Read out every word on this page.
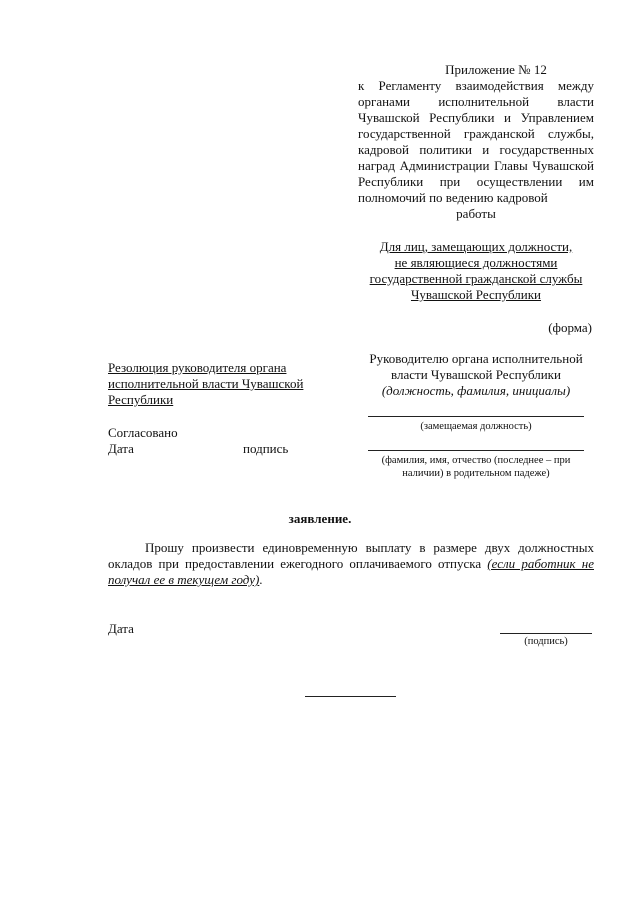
Приложение № 12
к Регламенту взаимодействия между органами исполнительной власти Чувашской Республики и Управлением государственной гражданской службы, кадровой политики и государственных наград Администрации Главы Чувашской Республики при осуществлении им полномочий по ведению кадровой
работы
Для лиц, замещающих должности,
не являющиеся должностями
государственной гражданской службы
Чувашской Республики
(форма)
Резолюция руководителя органа исполнительной власти Чувашской Республики
Согласовано
Дата	подпись
Руководителю органа исполнительной
власти Чувашской Республики
(должность, фамилия, инициалы)
(замещаемая должность)
(фамилия, имя, отчество (последнее – при наличии) в родительном падеже)
заявление.
Прошу произвести единовременную выплату в размере двух должностных окладов при предоставлении ежегодного оплачиваемого отпуска (если работник не получал ее в текущем году).
Дата
(подпись)
